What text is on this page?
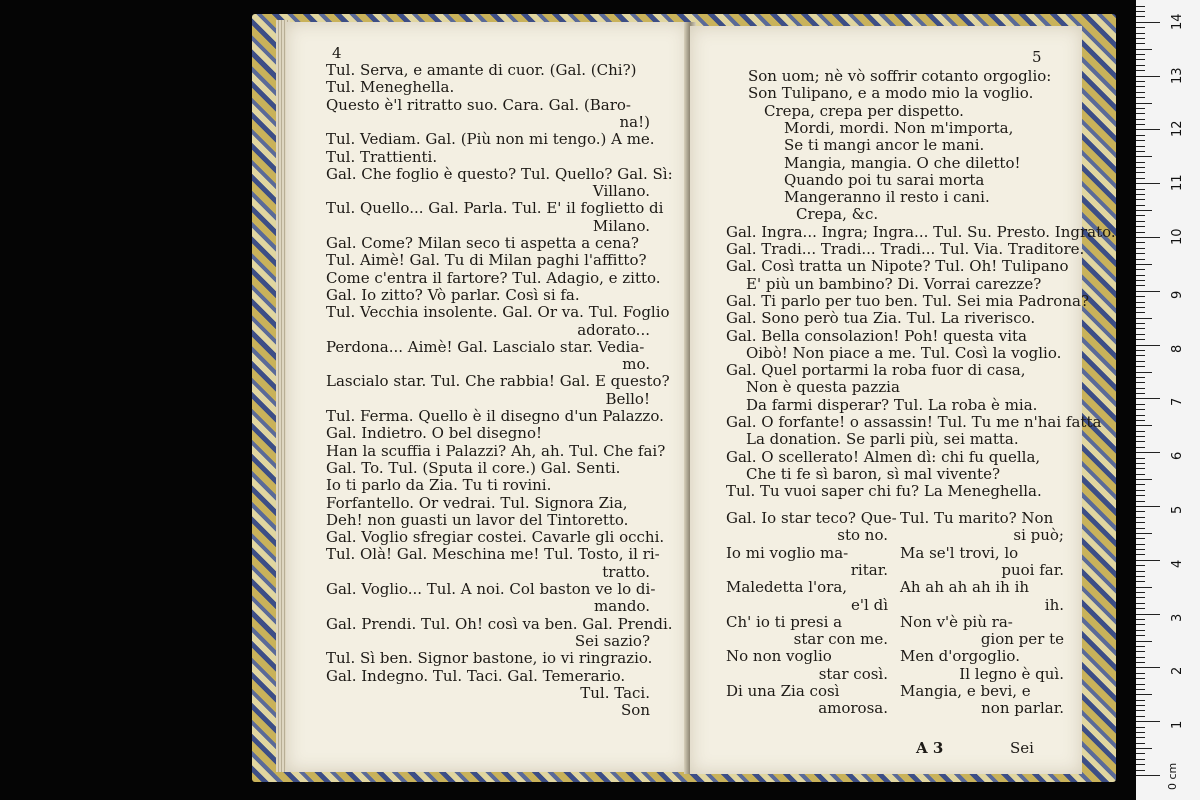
4
Tul. Serva, e amante di cuor. (Gal. (Chi?)
Tul. Meneghella.
Questo è'l ritratto suo. Cara. Gal. (Baro-
na!)
Tul. Vediam. Gal. (Più non mi tengo.) A me.
Tul. Trattienti.
Gal. Che foglio è questo? Tul. Quello? Gal. Sì:
Villano.
Tul. Quello... Gal. Parla. Tul. E' il foglietto di
Milano.
Gal. Come? Milan seco ti aspetta a cena?
Tul. Aimè! Gal. Tu di Milan paghi l'affitto?
Come c'entra il fartore? Tul. Adagio, e zitto.
Gal. Io zitto? Vò parlar. Così si fa.
Tul. Vecchia insolente. Gal. Or va. Tul. Foglio
adorato...
Perdona... Aimè! Gal. Lascialo star. Vedia-
mo.
Lascialo star. Tul. Che rabbia! Gal. E questo?
Bello!
Tul. Ferma. Quello è il disegno d'un Palazzo.
Gal. Indietro. O bel disegno!
Han la scuffia i Palazzi? Ah, ah. Tul. Che fai?
Gal. To. Tul. (Sputa il core.) Gal. Senti.
Io ti parlo da Zia. Tu ti rovini.
Forfantello. Or vedrai. Tul. Signora Zia,
Deh! non guasti un lavor del Tintoretto.
Gal. Voglio sfregiar costei. Cavarle gli occhi.
Tul. Olà! Gal. Meschina me! Tul. Tosto, il ri-
tratto.
Gal. Voglio... Tul. A noi. Col baston ve lo di-
mando.
Gal. Prendi. Tul. Oh! così va ben. Gal. Prendi.
Sei sazio?
Tul. Sì ben. Signor bastone, io vi ringrazio.
Gal. Indegno. Tul. Taci. Gal. Temerario.
Tul. Taci.
Son
5
Son uom; nè vò soffrir cotanto orgoglio:
Son Tulipano, e a modo mio la voglio.
Crepa, crepa per dispetto.
Mordi, mordi. Non m'importa,
Se ti mangi ancor le mani.
Mangia, mangia. O che diletto!
Quando poi tu sarai morta
Mangeranno il resto i cani.
Crepa, &c.
Gal. Ingra... Ingra; Ingra... Tul. Su. Presto. Ingrato.
Gal. Tradi... Tradi... Tradi... Tul. Via. Traditore.
Gal. Così tratta un Nipote? Tul. Oh! Tulipano
E' più un bambino? Di. Vorrai carezze?
Gal. Ti parlo per tuo ben. Tul. Sei mia Padrona?
Gal. Sono però tua Zia. Tul. La riverisco.
Gal. Bella consolazion! Poh! questa vita
Oibò! Non piace a me. Tul. Così la voglio.
Gal. Quel portarmi la roba fuor di casa,
Non è questa pazzia
Da farmi disperar? Tul. La roba è mia.
Gal. O forfante! o assassin! Tul. Tu me n'hai fatta
La donation. Se parli più, sei matta.
Gal. O scellerato! Almen dì: chi fu quella,
Che ti fe sì baron, sì mal vivente?
Tul. Tu vuoi saper chi fu? La Meneghella.
Gal. Io star teco? Que-
sto no.
Io mi voglio ma-
ritar.
Maledetta l'ora,
e'l dì
Ch' io ti presi a
star con me.
No non voglio
star così.
Di una Zia così
amorosa.
Tul. Tu marito? Non
si può;
Ma se'l trovi, lo
puoi far.
Ah ah ah ah ih ih
ih.
Non v'è più ra-
gion per te
Men d'orgoglio.
Il legno è quì.
Mangia, e bevi, e
non parlar.
A 3	Sei
0 cm
1
2
3
4
5
6
7
8
9
10
11
12
13
14
